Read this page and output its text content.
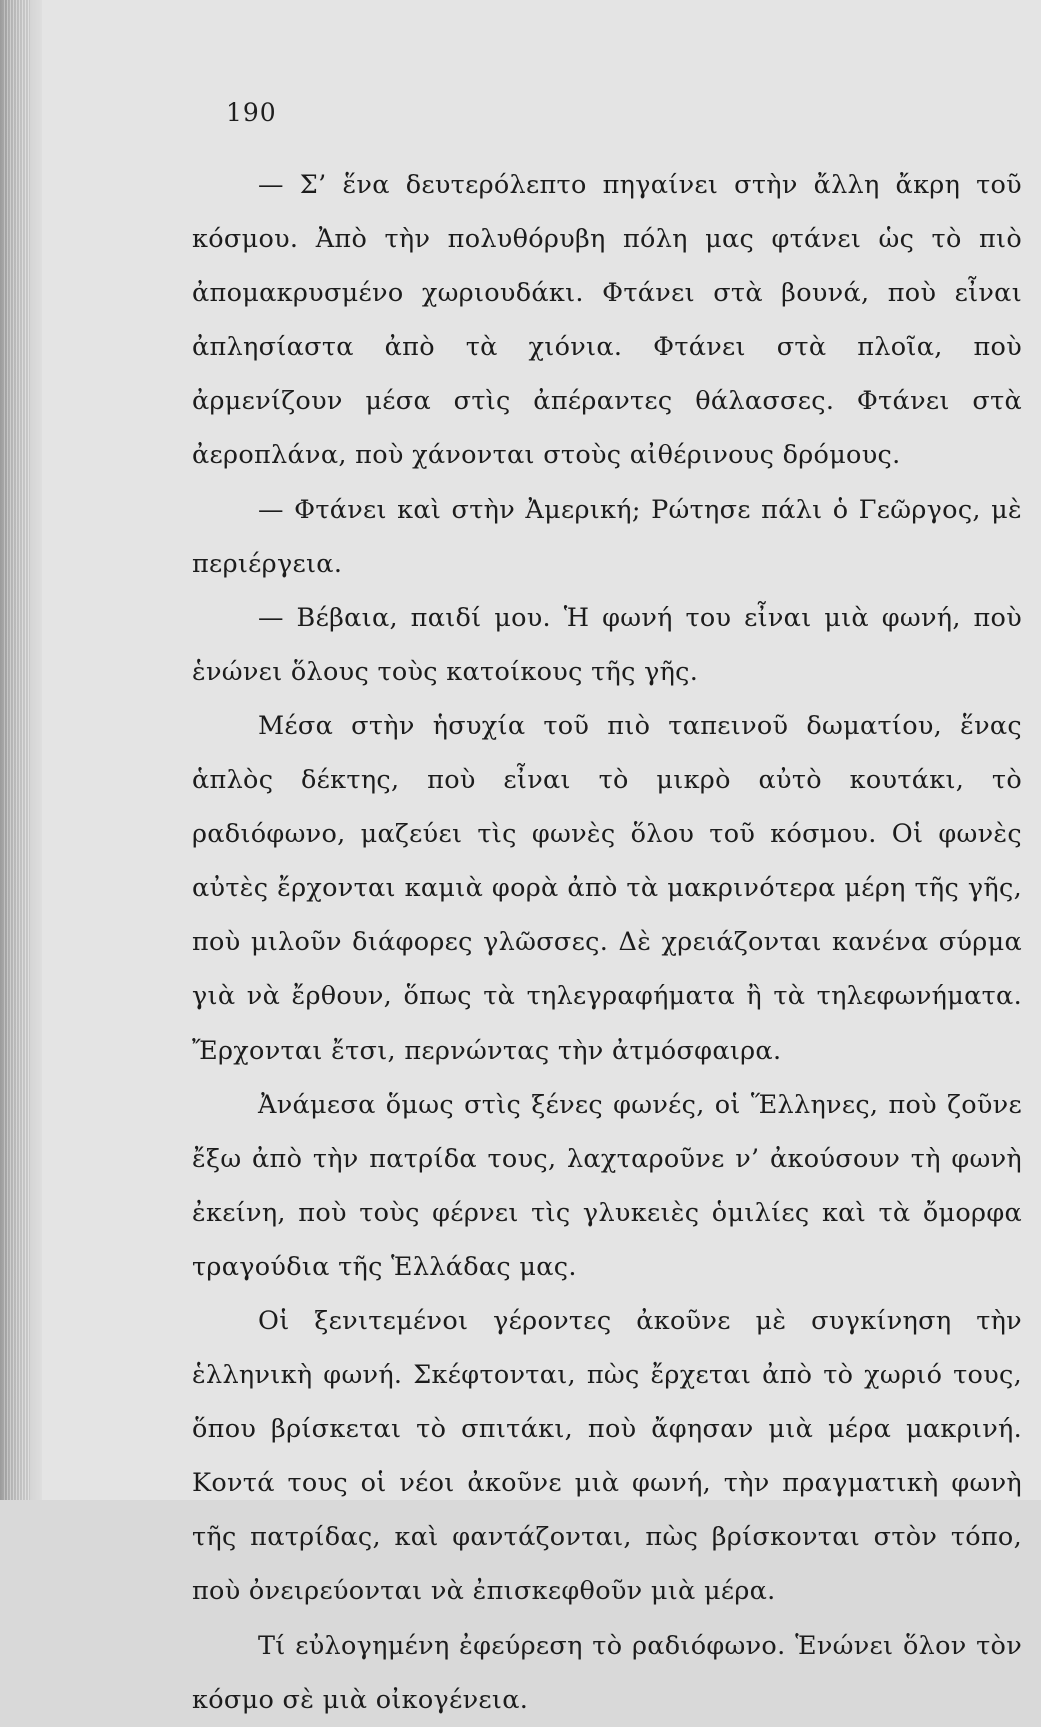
190

— Σ’ ἕνα δευτερόλεπτο πηγαίνει στὴν ἄλλη ἄκρη τοῦ κόσμου. Ἀπὸ τὴν πολυθόρυβη πόλη μας φτάνει ὡς τὸ πιὸ ἀπομακρυσμένο χωριουδάκι. Φτάνει στὰ βουνά, ποὺ εἶναι ἀπλησίαστα ἀπὸ τὰ χιόνια. Φτάνει στὰ πλοῖα, ποὺ ἀρμενίζουν μέσα στὶς ἀπέραντες θάλασσες. Φτάνει στὰ ἀεροπλάνα, ποὺ χάνονται στοὺς αἰθέρινους δρόμους.

— Φτάνει καὶ στὴν Ἀμερική; Ρώτησε πάλι ὁ Γεῶργος, μὲ περιέργεια.

— Βέβαια, παιδί μου. Ἡ φωνή του εἶναι μιὰ φωνή, ποὺ ἑνώνει ὅλους τοὺς κατοίκους τῆς γῆς.

Μέσα στὴν ἡσυχία τοῦ πιὸ ταπεινοῦ δωματίου, ἕνας ἁπλὸς δέκτης, ποὺ εἶναι τὸ μικρὸ αὐτὸ κουτάκι, τὸ ραδιόφωνο, μαζεύει τὶς φωνὲς ὅλου τοῦ κόσμου. Οἱ φωνὲς αὐτὲς ἔρχονται καμιὰ φορὰ ἀπὸ τὰ μακρινότερα μέρη τῆς γῆς, ποὺ μιλοῦν διάφορες γλῶσσες. Δὲ χρειάζονται κανένα σύρμα γιὰ νὰ ἔρθουν, ὅπως τὰ τηλεγραφήματα ἢ τὰ τηλεφωνήματα. Ἔρχονται ἔτσι, περνώντας τὴν ἀτμόσφαιρα.

Ἀνάμεσα ὅμως στὶς ξένες φωνές, οἱ Ἕλληνες, ποὺ ζοῦνε ἔξω ἀπὸ τὴν πατρίδα τους, λαχταροῦνε ν’ ἀκούσουν τὴ φωνὴ ἐκείνη, ποὺ τοὺς φέρνει τὶς γλυκειὲς ὁμιλίες καὶ τὰ ὄμορφα τραγούδια τῆς Ἑλλάδας μας.

Οἱ ξενιτεμένοι γέροντες ἀκοῦνε μὲ συγκίνηση τὴν ἑλληνικὴ φωνή. Σκέφτονται, πὼς ἔρχεται ἀπὸ τὸ χωριό τους, ὅπου βρίσκεται τὸ σπιτάκι, ποὺ ἄφησαν μιὰ μέρα μακρινή. Κοντά τους οἱ νέοι ἀκοῦνε μιὰ φωνή, τὴν πραγματικὴ φωνὴ τῆς πατρίδας, καὶ φαντάζονται, πὼς βρίσκονται στὸν τόπο, ποὺ ὀνειρεύονται νὰ ἐπισκεφθοῦν μιὰ μέρα.

Τί εὐλογημένη ἐφεύρεση τὸ ραδιόφωνο. Ἑνώνει ὅλον τὸν κόσμο σὲ μιὰ οἰκογένεια.
